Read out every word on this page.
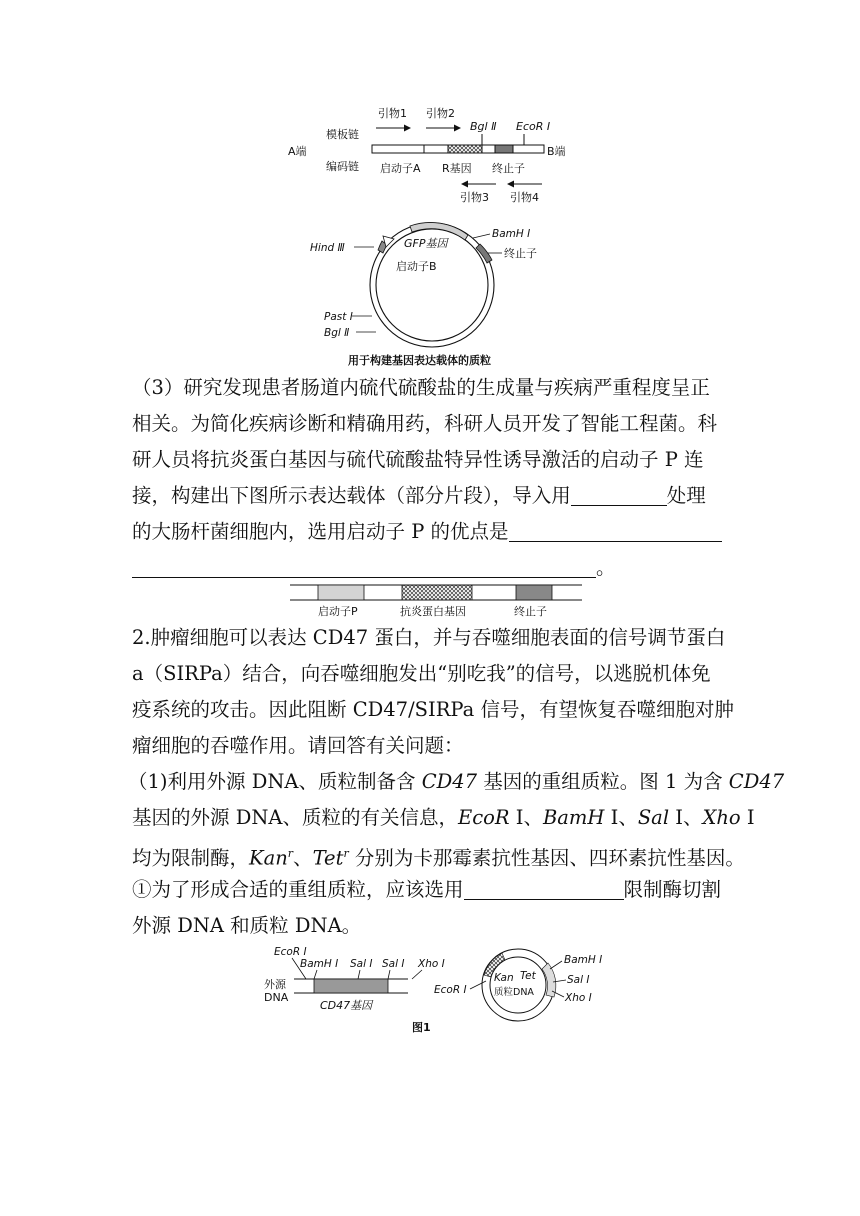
引物1 引物2
Bgl Ⅱ EcoR Ⅰ
模板链
编码链
A端	B端
启动子A R基因 终止子
引物3 引物4
GFP基因
BamH Ⅰ
终止子
Hind Ⅲ
启动子B
Past Ⅰ
Bgl Ⅱ
用于构建基因表达载体的质粒
（3）研究发现患者肠道内硫代硫酸盐的生成量与疾病严重程度呈正
相关。为简化疾病诊断和精确用药，科研人员开发了智能工程菌。科
研人员将抗炎蛋白基因与硫代硫酸盐特异性诱导激活的启动子 P 连
接，构建出下图所示表达载体（部分片段），导入用	处理
的大肠杆菌细胞内，选用启动子 P 的优点是
。
启动子P	抗炎蛋白基因	终止子
2.肿瘤细胞可以表达 CD47 蛋白，并与吞噬细胞表面的信号调节蛋白
a（SIRPa）结合，向吞噬细胞发出“别吃我”的信号，以逃脱机体免
疫系统的攻击。因此阻断 CD47/SIRPa 信号，有望恢复吞噬细胞对肿
瘤细胞的吞噬作用。请回答有关问题：
（1)利用外源 DNA、质粒制备含 CD47 基因的重组质粒。图 1 为含 CD47
基因的外源 DNA、质粒的有关信息，EcoR Ⅰ、BamH Ⅰ、Sal Ⅰ、Xho Ⅰ
均为限制酶，Kan$^r$、Tet$^r$ 分别为卡那霉素抗性基因、四环素抗性基因。
①为了形成合适的重组质粒，应该选用	限制酶切割
外源 DNA 和质粒 DNA。
EcoR Ⅰ
BamH Ⅰ Sal Ⅰ Sal Ⅰ Xho Ⅰ
外源
DNA
CD47基因
Kan Tet
质粒DNA
EcoR Ⅰ
BamH Ⅰ
Sal Ⅰ
Xho Ⅰ
图1
